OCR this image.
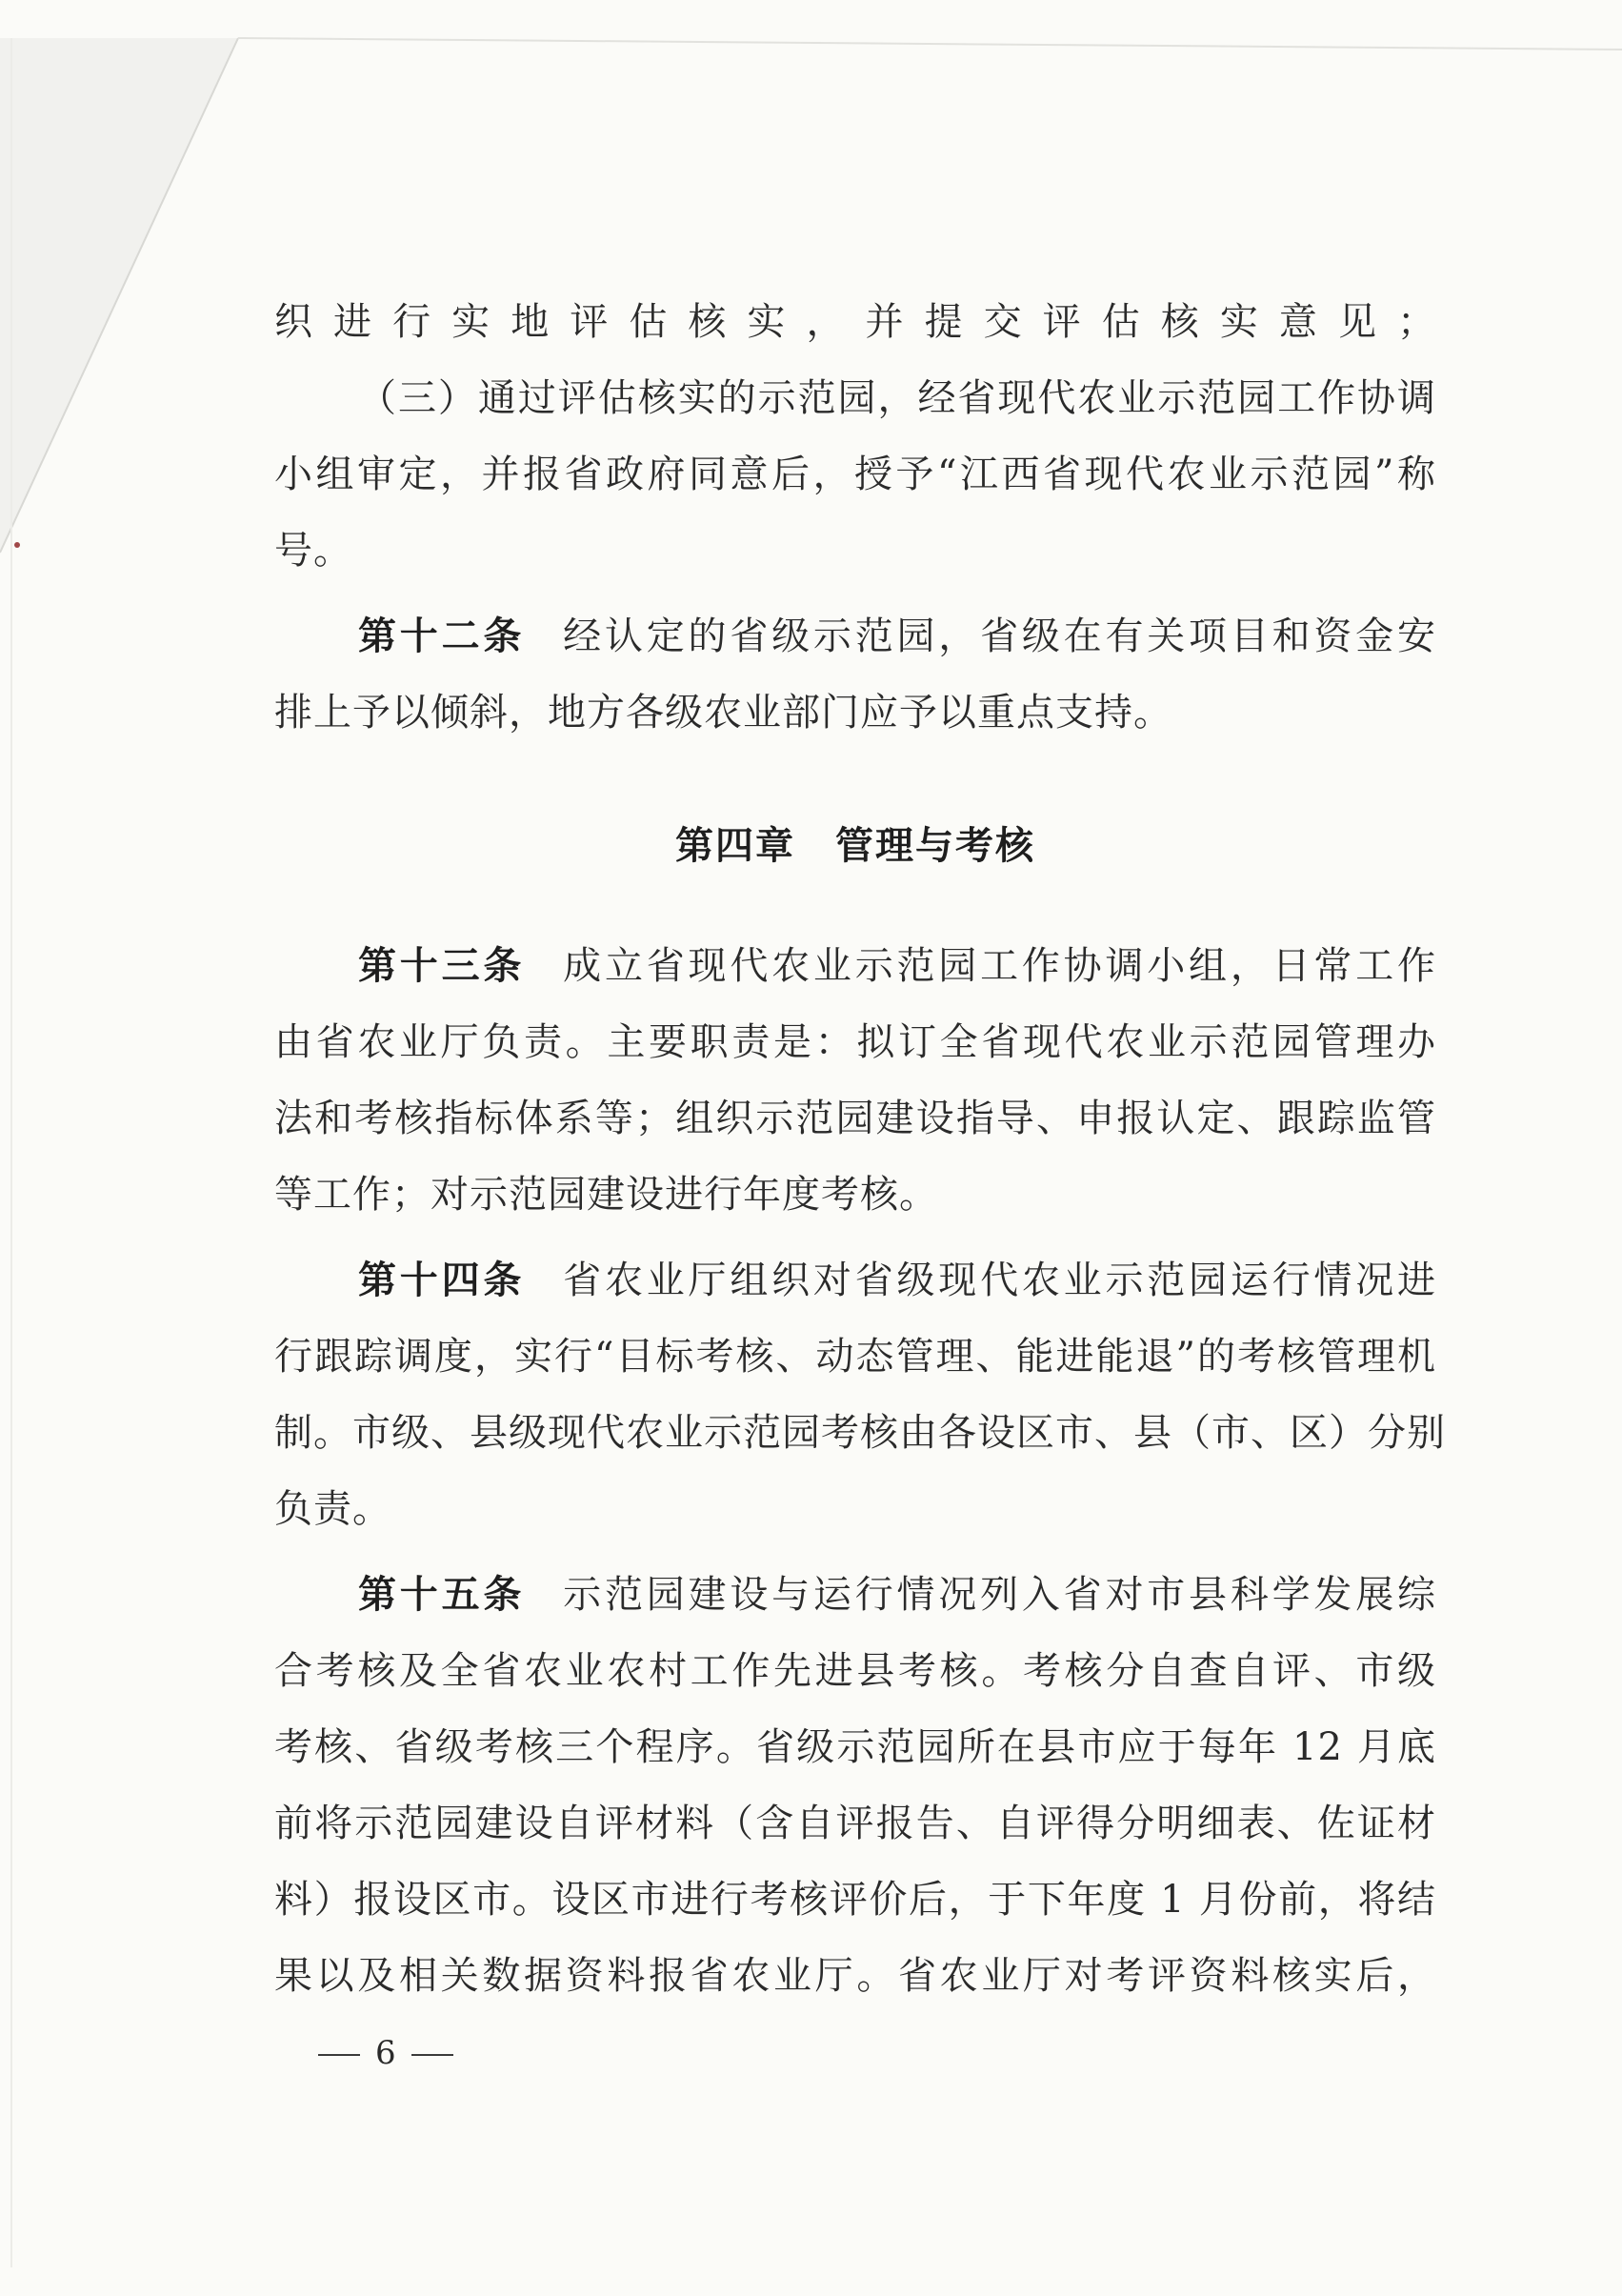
织进行实地评估核实，并提交评估核实意见；
（三）通过评估核实的示范园，经省现代农业示范园工作协调
小组审定，并报省政府同意后，授予“江西省现代农业示范园”称
号。
第十二条 经认定的省级示范园，省级在有关项目和资金安
排上予以倾斜，地方各级农业部门应予以重点支持。
第四章　管理与考核
第十三条 成立省现代农业示范园工作协调小组，日常工作
由省农业厅负责。主要职责是：拟订全省现代农业示范园管理办
法和考核指标体系等；组织示范园建设指导、申报认定、跟踪监管
等工作；对示范园建设进行年度考核。
第十四条 省农业厅组织对省级现代农业示范园运行情况进
行跟踪调度，实行“目标考核、动态管理、能进能退”的考核管理机
制。市级、县级现代农业示范园考核由各设区市、县（市、区）分别
负责。
第十五条 示范园建设与运行情况列入省对市县科学发展综
合考核及全省农业农村工作先进县考核。考核分自查自评、市级
考核、省级考核三个程序。省级示范园所在县市应于每年 12 月底
前将示范园建设自评材料（含自评报告、自评得分明细表、佐证材
料）报设区市。设区市进行考核评价后，于下年度 1 月份前，将结
果以及相关数据资料报省农业厅。省农业厅对考评资料核实后，
6
